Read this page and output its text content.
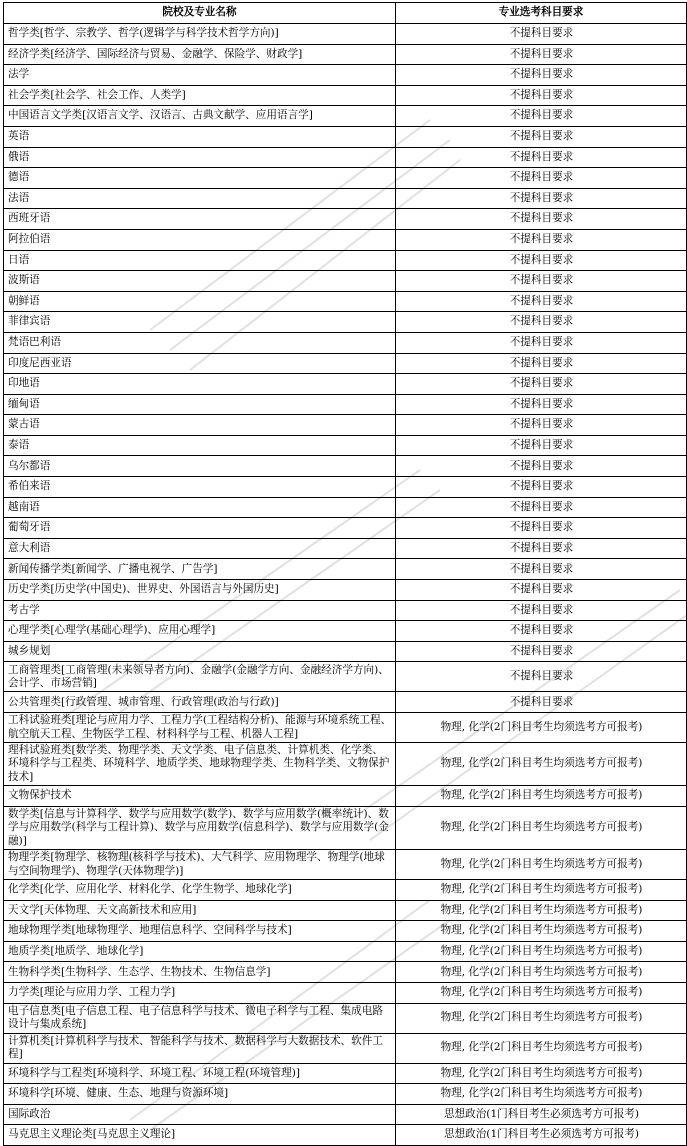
院校及专业名称	专业选考科目要求
哲学类[哲学、宗教学、哲学(逻辑学与科学技术哲学方向)]	不提科目要求
经济学类[经济学、国际经济与贸易、金融学、保险学、财政学]	不提科目要求
法学	不提科目要求
社会学类[社会学、社会工作、人类学]	不提科目要求
中国语言文学类[汉语言文学、汉语言、古典文献学、应用语言学]	不提科目要求
英语	不提科目要求
俄语	不提科目要求
德语	不提科目要求
法语	不提科目要求
西班牙语	不提科目要求
阿拉伯语	不提科目要求
日语	不提科目要求
波斯语	不提科目要求
朝鲜语	不提科目要求
菲律宾语	不提科目要求
梵语巴利语	不提科目要求
印度尼西亚语	不提科目要求
印地语	不提科目要求
缅甸语	不提科目要求
蒙古语	不提科目要求
泰语	不提科目要求
乌尔都语	不提科目要求
希伯来语	不提科目要求
越南语	不提科目要求
葡萄牙语	不提科目要求
意大利语	不提科目要求
新闻传播学类[新闻学、广播电视学、广告学]	不提科目要求
历史学类[历史学(中国史)、世界史、外国语言与外国历史]	不提科目要求
考古学	不提科目要求
心理学类[心理学(基础心理学)、应用心理学]	不提科目要求
城乡规划	不提科目要求
工商管理类[工商管理(未来领导者方向)、金融学(金融学方向、金融经济学方向)、会计学、市场营销]	不提科目要求
公共管理类[行政管理、城市管理、行政管理(政治与行政)]	不提科目要求
工科试验班类[理论与应用力学、工程力学(工程结构分析)、能源与环境系统工程、航空航天工程、生物医学工程、材料科学与工程、机器人工程]	物理, 化学(2门科目考生均须选考方可报考)
理科试验班类[数学类、物理学类、天文学类、电子信息类、计算机类、化学类、环境科学与工程类、环境科学、地质学类、地球物理学类、生物科学类、文物保护技术]	物理, 化学(2门科目考生均须选考方可报考)
文物保护技术	物理, 化学(2门科目考生均须选考方可报考)
数学类[信息与计算科学、数学与应用数学(数学)、数学与应用数学(概率统计)、数学与应用数学(科学与工程计算)、数学与应用数学(信息科学)、数学与应用数学(金融)]	物理, 化学(2门科目考生均须选考方可报考)
物理学类[物理学、核物理(核科学与技术)、大气科学、应用物理学、物理学(地球与空间物理学)、物理学(天体物理学)]	物理, 化学(2门科目考生均须选考方可报考)
化学类[化学、应用化学、材料化学、化学生物学、地球化学]	物理, 化学(2门科目考生均须选考方可报考)
天文学[天体物理、天文高新技术和应用]	物理, 化学(2门科目考生均须选考方可报考)
地球物理学类[地球物理学、地理信息科学、空间科学与技术]	物理, 化学(2门科目考生均须选考方可报考)
地质学类[地质学、地球化学]	物理, 化学(2门科目考生均须选考方可报考)
生物科学类[生物科学、生态学、生物技术、生物信息学]	物理, 化学(2门科目考生均须选考方可报考)
力学类[理论与应用力学、工程力学]	物理, 化学(2门科目考生均须选考方可报考)
电子信息类[电子信息工程、电子信息科学与技术、微电子科学与工程、集成电路设计与集成系统]	物理, 化学(2门科目考生均须选考方可报考)
计算机类[计算机科学与技术、智能科学与技术、数据科学与大数据技术、软件工程]	物理, 化学(2门科目考生均须选考方可报考)
环境科学与工程类[环境科学、环境工程、环境工程(环境管理)]	物理, 化学(2门科目考生均须选考方可报考)
环境科学[环境、健康、生态、地理与资源环境]	物理, 化学(2门科目考生均须选考方可报考)
国际政治	思想政治(1门科目考生必须选考方可报考)
马克思主义理论类[马克思主义理论]	思想政治(1门科目考生必须选考方可报考)
